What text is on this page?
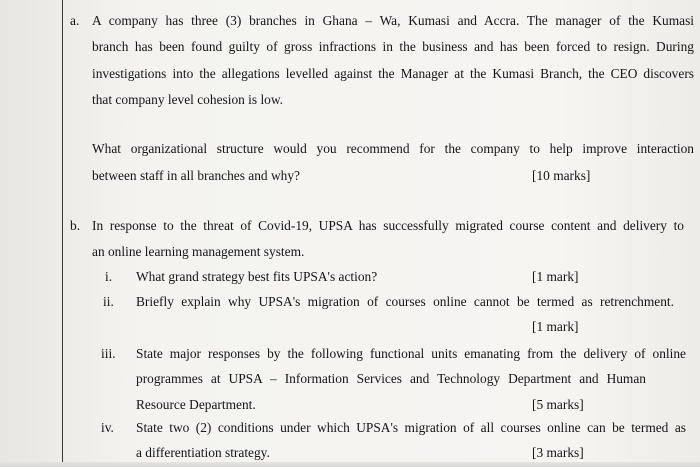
a. A company has three (3) branches in Ghana – Wa, Kumasi and Accra. The manager of the Kumasi
branch has been found guilty of gross infractions in the business and has been forced to resign. During
investigations into the allegations levelled against the Manager at the Kumasi Branch, the CEO discovers
that company level cohesion is low.
What organizational structure would you recommend for the company to help improve interaction
between staff in all branches and why?	[10 marks]
b. In response to the threat of Covid-19, UPSA has successfully migrated course content and delivery to
an online learning management system.
i. What grand strategy best fits UPSA's action?	[1 mark]
ii. Briefly explain why UPSA's migration of courses online cannot be termed as retrenchment.
[1 mark]
iii. State major responses by the following functional units emanating from the delivery of online
programmes at UPSA – Information Services and Technology Department and Human
Resource Department.	[5 marks]
iv. State two (2) conditions under which UPSA's migration of all courses online can be termed as
a differentiation strategy.	[3 marks]
